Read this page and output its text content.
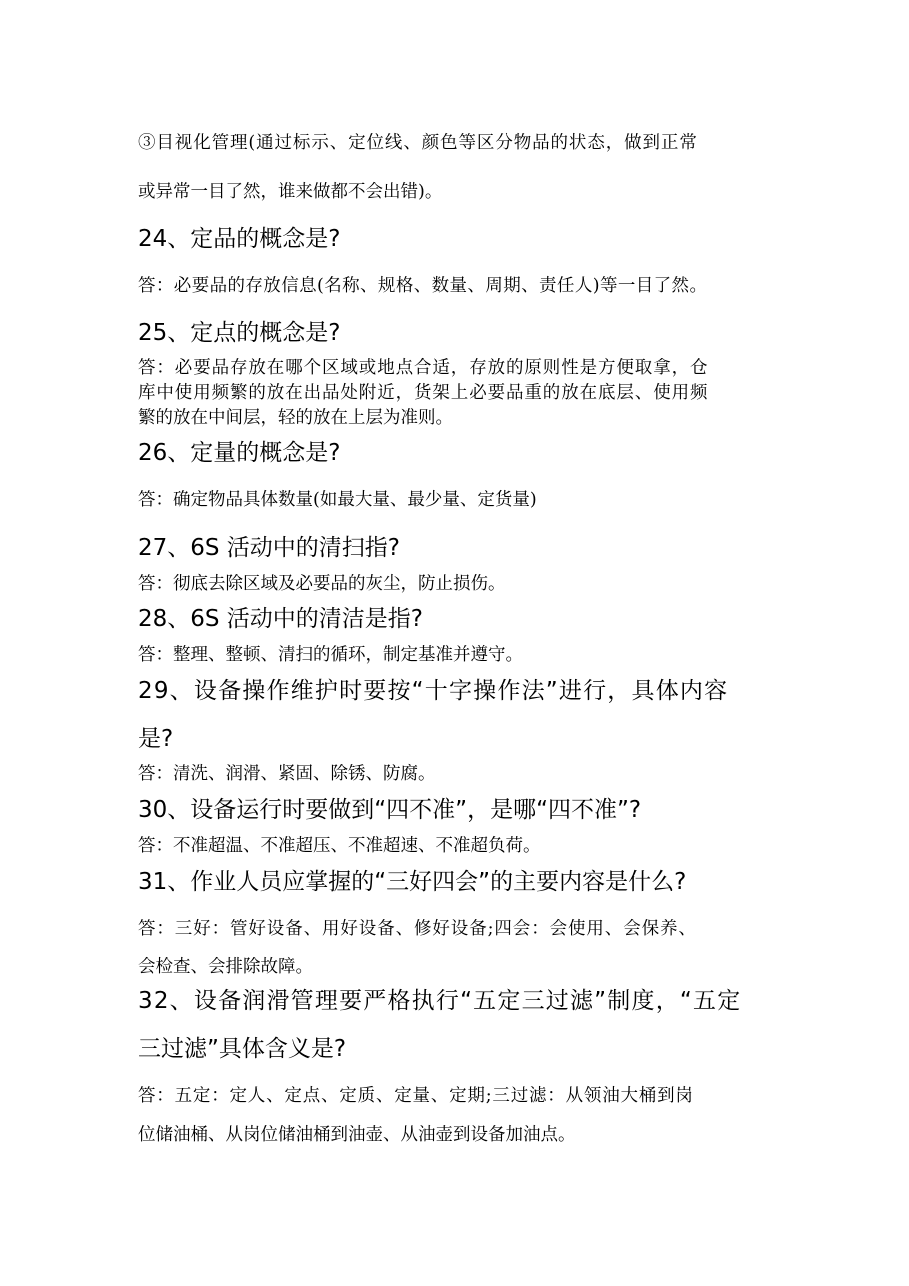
③目视化管理(通过标示、定位线、颜色等区分物品的状态，做到正常
或异常一目了然，谁来做都不会出错)。
24、定品的概念是?
答：必要品的存放信息(名称、规格、数量、周期、责任人)等一目了然。
25、定点的概念是?
答：必要品存放在哪个区域或地点合适，存放的原则性是方便取拿，仓
库中使用频繁的放在出品处附近，货架上必要品重的放在底层、使用频
繁的放在中间层，轻的放在上层为准则。
26、定量的概念是?
答：确定物品具体数量(如最大量、最少量、定货量)
27、6S 活动中的清扫指?
答：彻底去除区域及必要品的灰尘，防止损伤。
28、6S 活动中的清洁是指?
答：整理、整顿、清扫的循环，制定基准并遵守。
29、设备操作维护时要按“十字操作法”进行，具体内容
是?
答：清洗、润滑、紧固、除锈、防腐。
30、设备运行时要做到“四不准”，是哪“四不准”?
答：不准超温、不准超压、不准超速、不准超负荷。
31、作业人员应掌握的“三好四会”的主要内容是什么?
答：三好：管好设备、用好设备、修好设备;四会：会使用、会保养、
会检查、会排除故障。
32、设备润滑管理要严格执行“五定三过滤”制度，“五定
三过滤”具体含义是?
答：五定：定人、定点、定质、定量、定期;三过滤：从领油大桶到岗
位储油桶、从岗位储油桶到油壶、从油壶到设备加油点。
